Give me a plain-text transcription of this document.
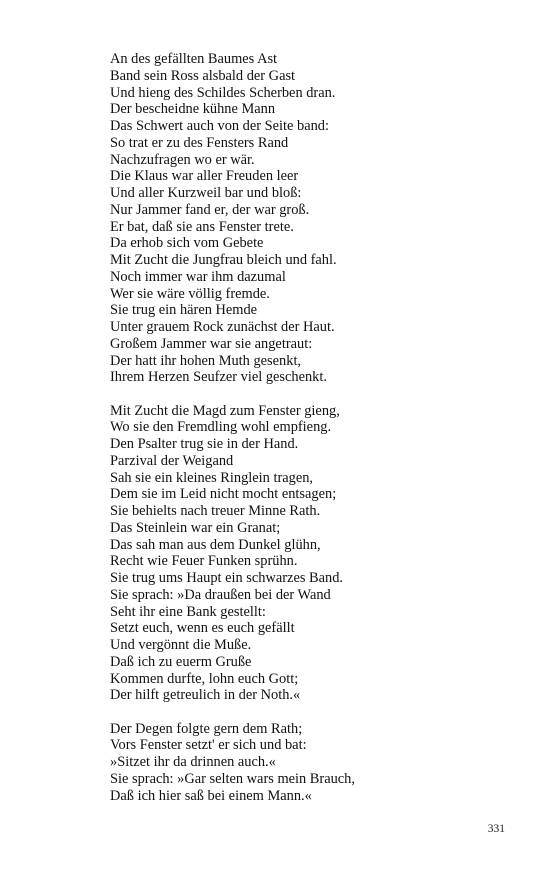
An des gefällten Baumes Ast
Band sein Ross alsbald der Gast
Und hieng des Schildes Scherben dran.
Der bescheidne kühne Mann
Das Schwert auch von der Seite band:
So trat er zu des Fensters Rand
Nachzufragen wo er wär.
Die Klaus war aller Freuden leer
Und aller Kurzweil bar und bloß:
Nur Jammer fand er, der war groß.
Er bat, daß sie ans Fenster trete.
Da erhob sich vom Gebete
Mit Zucht die Jungfrau bleich und fahl.
Noch immer war ihm dazumal
Wer sie wäre völlig fremde.
Sie trug ein hären Hemde
Unter grauem Rock zunächst der Haut.
Großem Jammer war sie angetraut:
Der hatt ihr hohen Muth gesenkt,
Ihrem Herzen Seufzer viel geschenkt.
Mit Zucht die Magd zum Fenster gieng,
Wo sie den Fremdling wohl empfieng.
Den Psalter trug sie in der Hand.
Parzival der Weigand
Sah sie ein kleines Ringlein tragen,
Dem sie im Leid nicht mocht entsagen;
Sie behielts nach treuer Minne Rath.
Das Steinlein war ein Granat;
Das sah man aus dem Dunkel glühn,
Recht wie Feuer Funken sprühn.
Sie trug ums Haupt ein schwarzes Band.
Sie sprach: »Da draußen bei der Wand
Seht ihr eine Bank gestellt:
Setzt euch, wenn es euch gefällt
Und vergönnt die Muße.
Daß ich zu euerm Gruße
Kommen durfte, lohn euch Gott;
Der hilft getreulich in der Noth.«
Der Degen folgte gern dem Rath;
Vors Fenster setzt' er sich und bat:
»Sitzet ihr da drinnen auch.«
Sie sprach: »Gar selten wars mein Brauch,
Daß ich hier saß bei einem Mann.«
331
